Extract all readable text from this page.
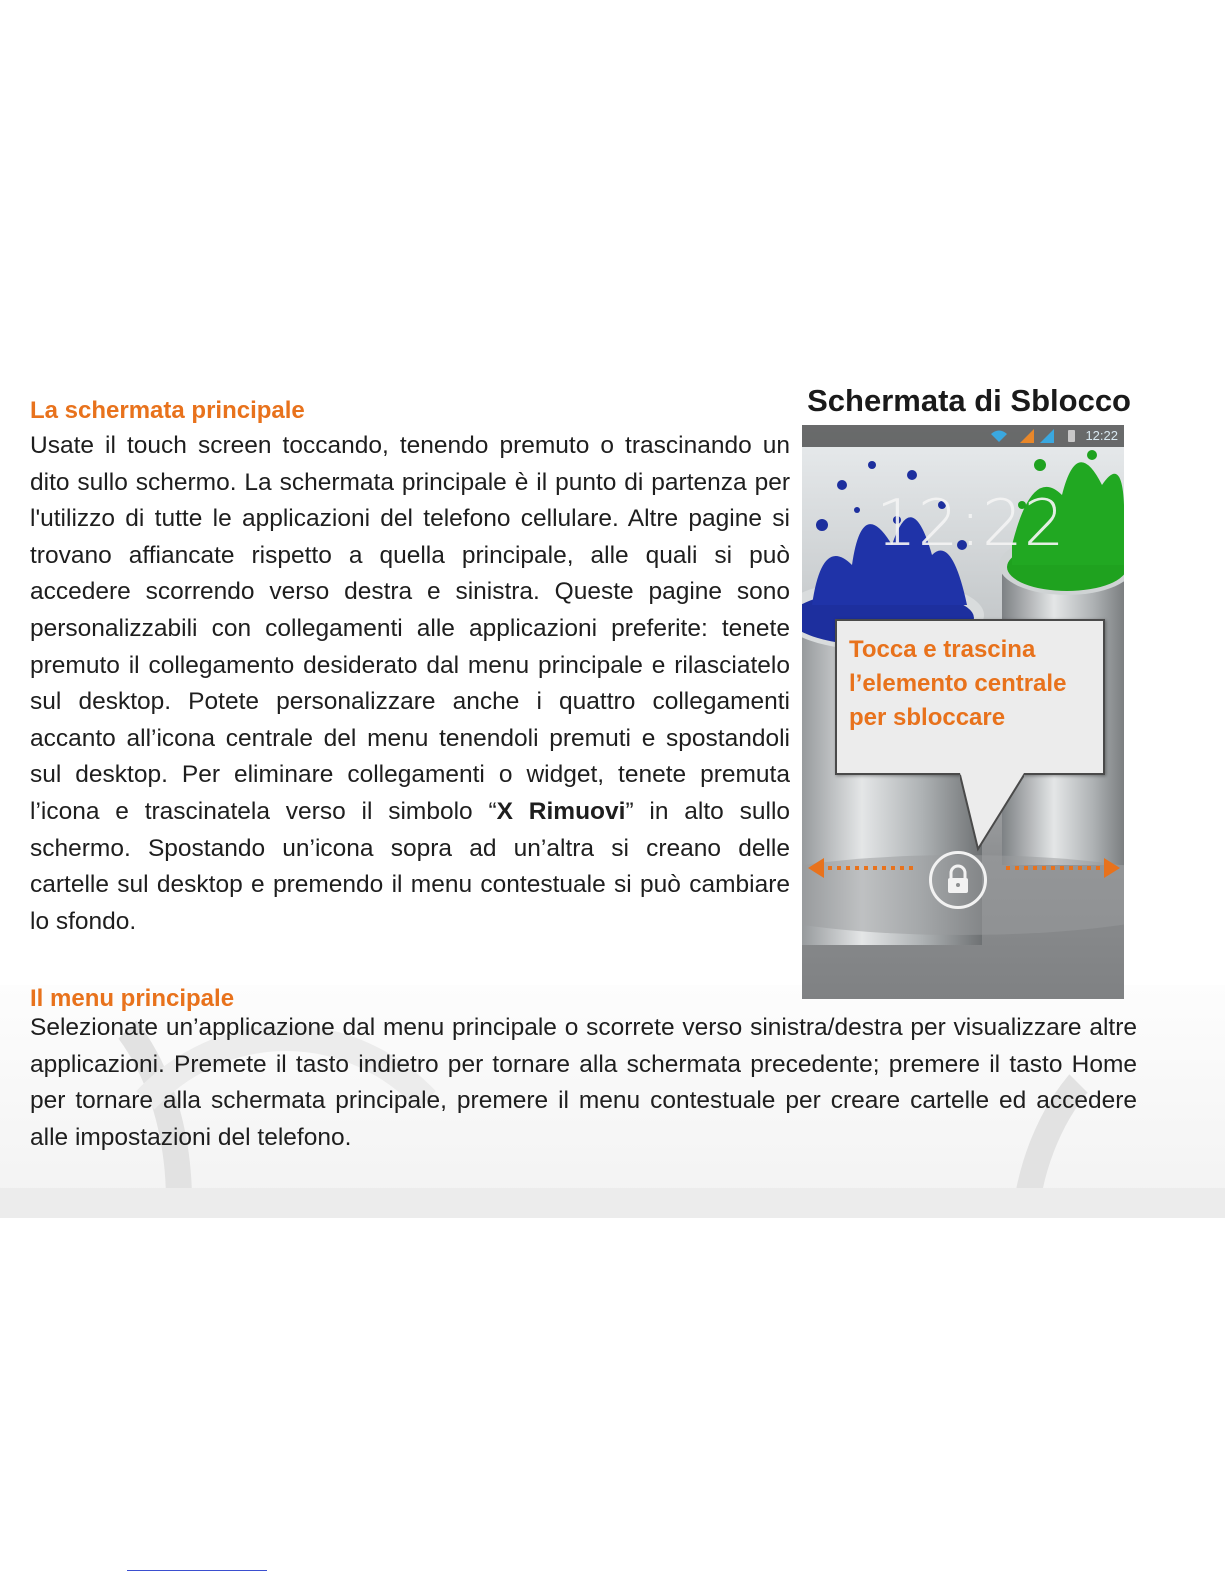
La schermata principale

Usate il touch screen toccando, tenendo premuto o trascinando un dito sullo schermo. La schermata principale è il punto di partenza per l'utilizzo di tutte le applicazioni del telefono cellulare. Altre pagine si trovano affiancate rispetto a quella principale, alle quali si può accedere scorrendo verso destra e sinistra. Queste pagine sono personalizzabili con collegamenti alle applicazioni preferite: tenete premuto il collegamento desiderato dal menu principale e rilasciatelo sul desktop. Potete personalizzare anche i quattro collegamenti accanto all’icona centrale del menu tenendoli premuti e spostandoli sul desktop. Per eliminare collegamenti o widget, tenete premuta l’icona e trascinatela verso il simbolo “X Rimuovi” in alto sullo schermo. Spostando un’icona sopra ad un’altra si creano delle cartelle sul desktop e premendo il menu contestuale si può cambiare lo sfondo.

Schermata di Sblocco
12:22
12:22

Tocca e trascina l’elemento centrale per sbloccare

Il menu principale

Selezionate un’applicazione dal menu principale o scorrete verso sinistra/destra per visualizzare altre applicazioni. Premete il tasto indietro per tornare alla schermata precedente; premere il tasto Home per tornare alla schermata principale, premere il menu contestuale per creare cartelle ed accedere alle impostazioni del telefono.
